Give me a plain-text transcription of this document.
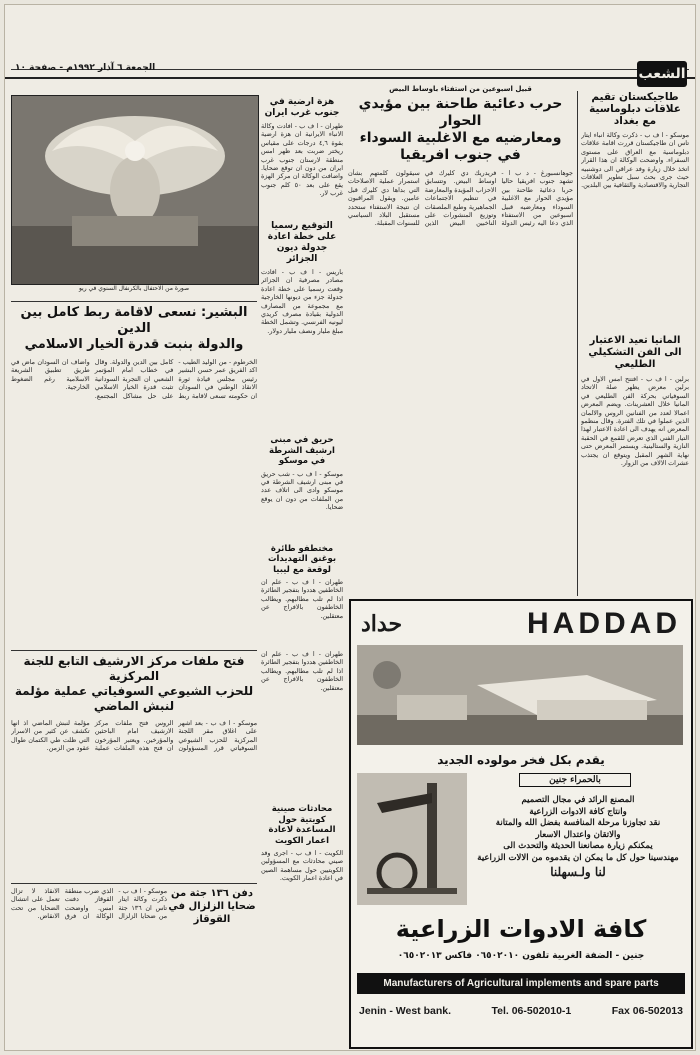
الشعب
الجمعة ٦ آذار ١٩٩٢م - صفحة ١٠
طاجيكستان تقيم علاقات دبلوماسية مع بغداد
موسكو - ا ف ب - ذكرت وكالة انباء ايتار تاس ان طاجيكستان قررت اقامة علاقات دبلوماسية مع العراق على مستوى السفراء. واوضحت الوكالة ان هذا القرار اتخذ خلال زيارة وفد عراقي الى دوشنبيه حيث جرى بحث سبل تطوير العلاقات التجارية والاقتصادية والثقافية بين البلدين.
المانيا تعيد الاعتبار الى الفن التشكيلي الطليعي
برلين - ا ف ب - افتتح امس الاول في برلين معرض يظهر صلة الاتحاد السوفياتي بحركة الفن الطليعي في المانيا خلال العشرينات. ويضم المعرض اعمالا لعدد من الفنانين الروس والالمان الذين عملوا في تلك الفترة. وقال منظمو المعرض انه يهدف الى اعادة الاعتبار لهذا التيار الفني الذي تعرض للقمع في الحقبة النازية والستالينية. ويستمر المعرض حتى نهاية الشهر المقبل ويتوقع ان يجتذب عشرات الالاف من الزوار.
قبيل اسبوعين من استفتاء باوساط البيض
حرب دعائية طاحنة بين مؤيدي الحوار
ومعارضيه مع الاغلبية السوداء في جنوب افريقيا
جوهانسبورغ - د ب ا - تشهد جنوب افريقيا حاليا حربا دعائية طاحنة بين مؤيدي الحوار مع الاغلبية السوداء ومعارضيه قبيل اسبوعين من الاستفتاء الذي دعا اليه رئيس الدولة فريدريك دي كليرك في اوساط البيض. وتتسابق الاحزاب المؤيدة والمعارضة في تنظيم الاجتماعات الجماهيرية وطبع الملصقات وتوزيع المنشورات على الناخبين البيض الذين سيقولون كلمتهم بشأن استمرار عملية الاصلاحات التي بداها دي كليرك قبل عامين. ويقول المراقبون ان نتيجة الاستفتاء ستحدد مستقبل البلاد السياسي للسنوات المقبلة.
صورة من الاحتفال بالكرنفال السنوي في ريو
هزة ارضية في جنوب غرب ايران
طهران - ا ف ب - افادت وكالة الانباء الايرانية ان هزة ارضية بقوة ٤,٦ درجات على مقياس ريختر ضربت بعد ظهر امس منطقة لارستان جنوب غرب ايران من دون ان توقع ضحايا. واضافت الوكالة ان مركز الهزة يقع على بعد ٥٠ كلم جنوب غرب لار.
التوقيع رسميا على خطة اعادة جدولة ديون الجزائر
باريس - ا ف ب - افادت مصادر مصرفية ان الجزائر وقعت رسميا على خطة اعادة جدولة جزء من ديونها الخارجية مع مجموعة من المصارف الدولية بقيادة مصرف كريدي ليونيه الفرنسي. وتشمل الخطة مبلغ مليار ونصف مليار دولار.
البشير: نسعى لاقامة ربط كامل بين الدين
والدولة بنبت قدرة الخيار الاسلامي
الخرطوم - من الوليد الطيب - اكد الفريق عمر حسن البشير رئيس مجلس قيادة ثورة الانقاذ الوطني في السودان ان حكومته تسعى لاقامة ربط كامل بين الدين والدولة. وقال في خطاب امام المؤتمر الشعبي ان التجربة السودانية تثبت قدرة الخيار الاسلامي على حل مشاكل المجتمع. واضاف ان السودان ماض في طريق تطبيق الشريعة الاسلامية رغم الضغوط الخارجية.
حريق في مبنى ارشيف الشرطة في موسكو
موسكو - ا ف ب - شب حريق في مبنى ارشيف الشرطة في موسكو وادى الى اتلاف عدد من الملفات من دون ان يوقع ضحايا.
مختطفو طائرة بوغنق التهديدات لوقعة مع ليبيا
طهران - ا ف ب - علم ان الخاطفين هددوا بتفجير الطائرة اذا لم تلب مطالبهم. ويطالب الخاطفون بالافراج عن معتقلين.
فتح ملفات مركز الارشيف التابع للجنة المركزية
للحزب الشيوعي السوفياتي عملية مؤلمة لنبش الماضي
موسكو - ا ف ب - بعد اشهر على اغلاق مقر اللجنة المركزية للحزب الشيوعي السوفياتي قرر المسؤولون الروس فتح ملفات مركز الارشيف امام الباحثين والمؤرخين. ويعتبر المؤرخون ان فتح هذه الملفات عملية مؤلمة لنبش الماضي اذ انها تكشف عن كثير من الاسرار التي ظلت طي الكتمان طوال عقود من الزمن.
دفن ١٣٦ جثة من ضحايا الزلزال في القوقاز
موسكو - ا ف ب - ذكرت وكالة ايتار تاس ان ١٣٦ جثة من ضحايا الزلزال الذي ضرب منطقة القوقاز دفنت امس. واوضحت الوكالة ان فرق الانقاذ لا تزال تعمل على انتشال الضحايا من تحت الانقاض.
طهران - ا ف ب - علم ان الخاطفين هددوا بتفجير الطائرة اذا لم تلب مطالبهم. ويطالب الخاطفون بالافراج عن معتقلين.
محادثات صينية كويتية حول المساعدة لاعادة اعمار الكويت
الكويت - ا ف ب - اجرى وفد صيني محادثات مع المسؤولين الكويتيين حول مساهمة الصين في اعادة اعمار الكويت.
HADDAD
حداد
يقدم بكل فخر مولوده الجديد
بالحمراء جنين
المصنع الرائد في مجال التصميم
وانتاج كافة الادوات الزراعية
نقد تجاوزنا مرحلة المنافسة بفضل الله والمتانة
والاتقان واعتدال الاسعار
يمكنكم زيارة مصانعنا الحديثة والتحدث الى
مهندسينا حول كل ما يمكن ان يقدموه من الالات الزراعية
لنا ولـسهلنا
كافة الادوات الزراعية
جنين - الضفة الغربية تلفون ٠٦٥٠٢٠١٠ فاكس ٠٦٥٠٢٠١٣
Manufacturers of Agricultural implements and spare parts
Jenin - West bank.	Tel. 06-502010-1	Fax 06-502013
